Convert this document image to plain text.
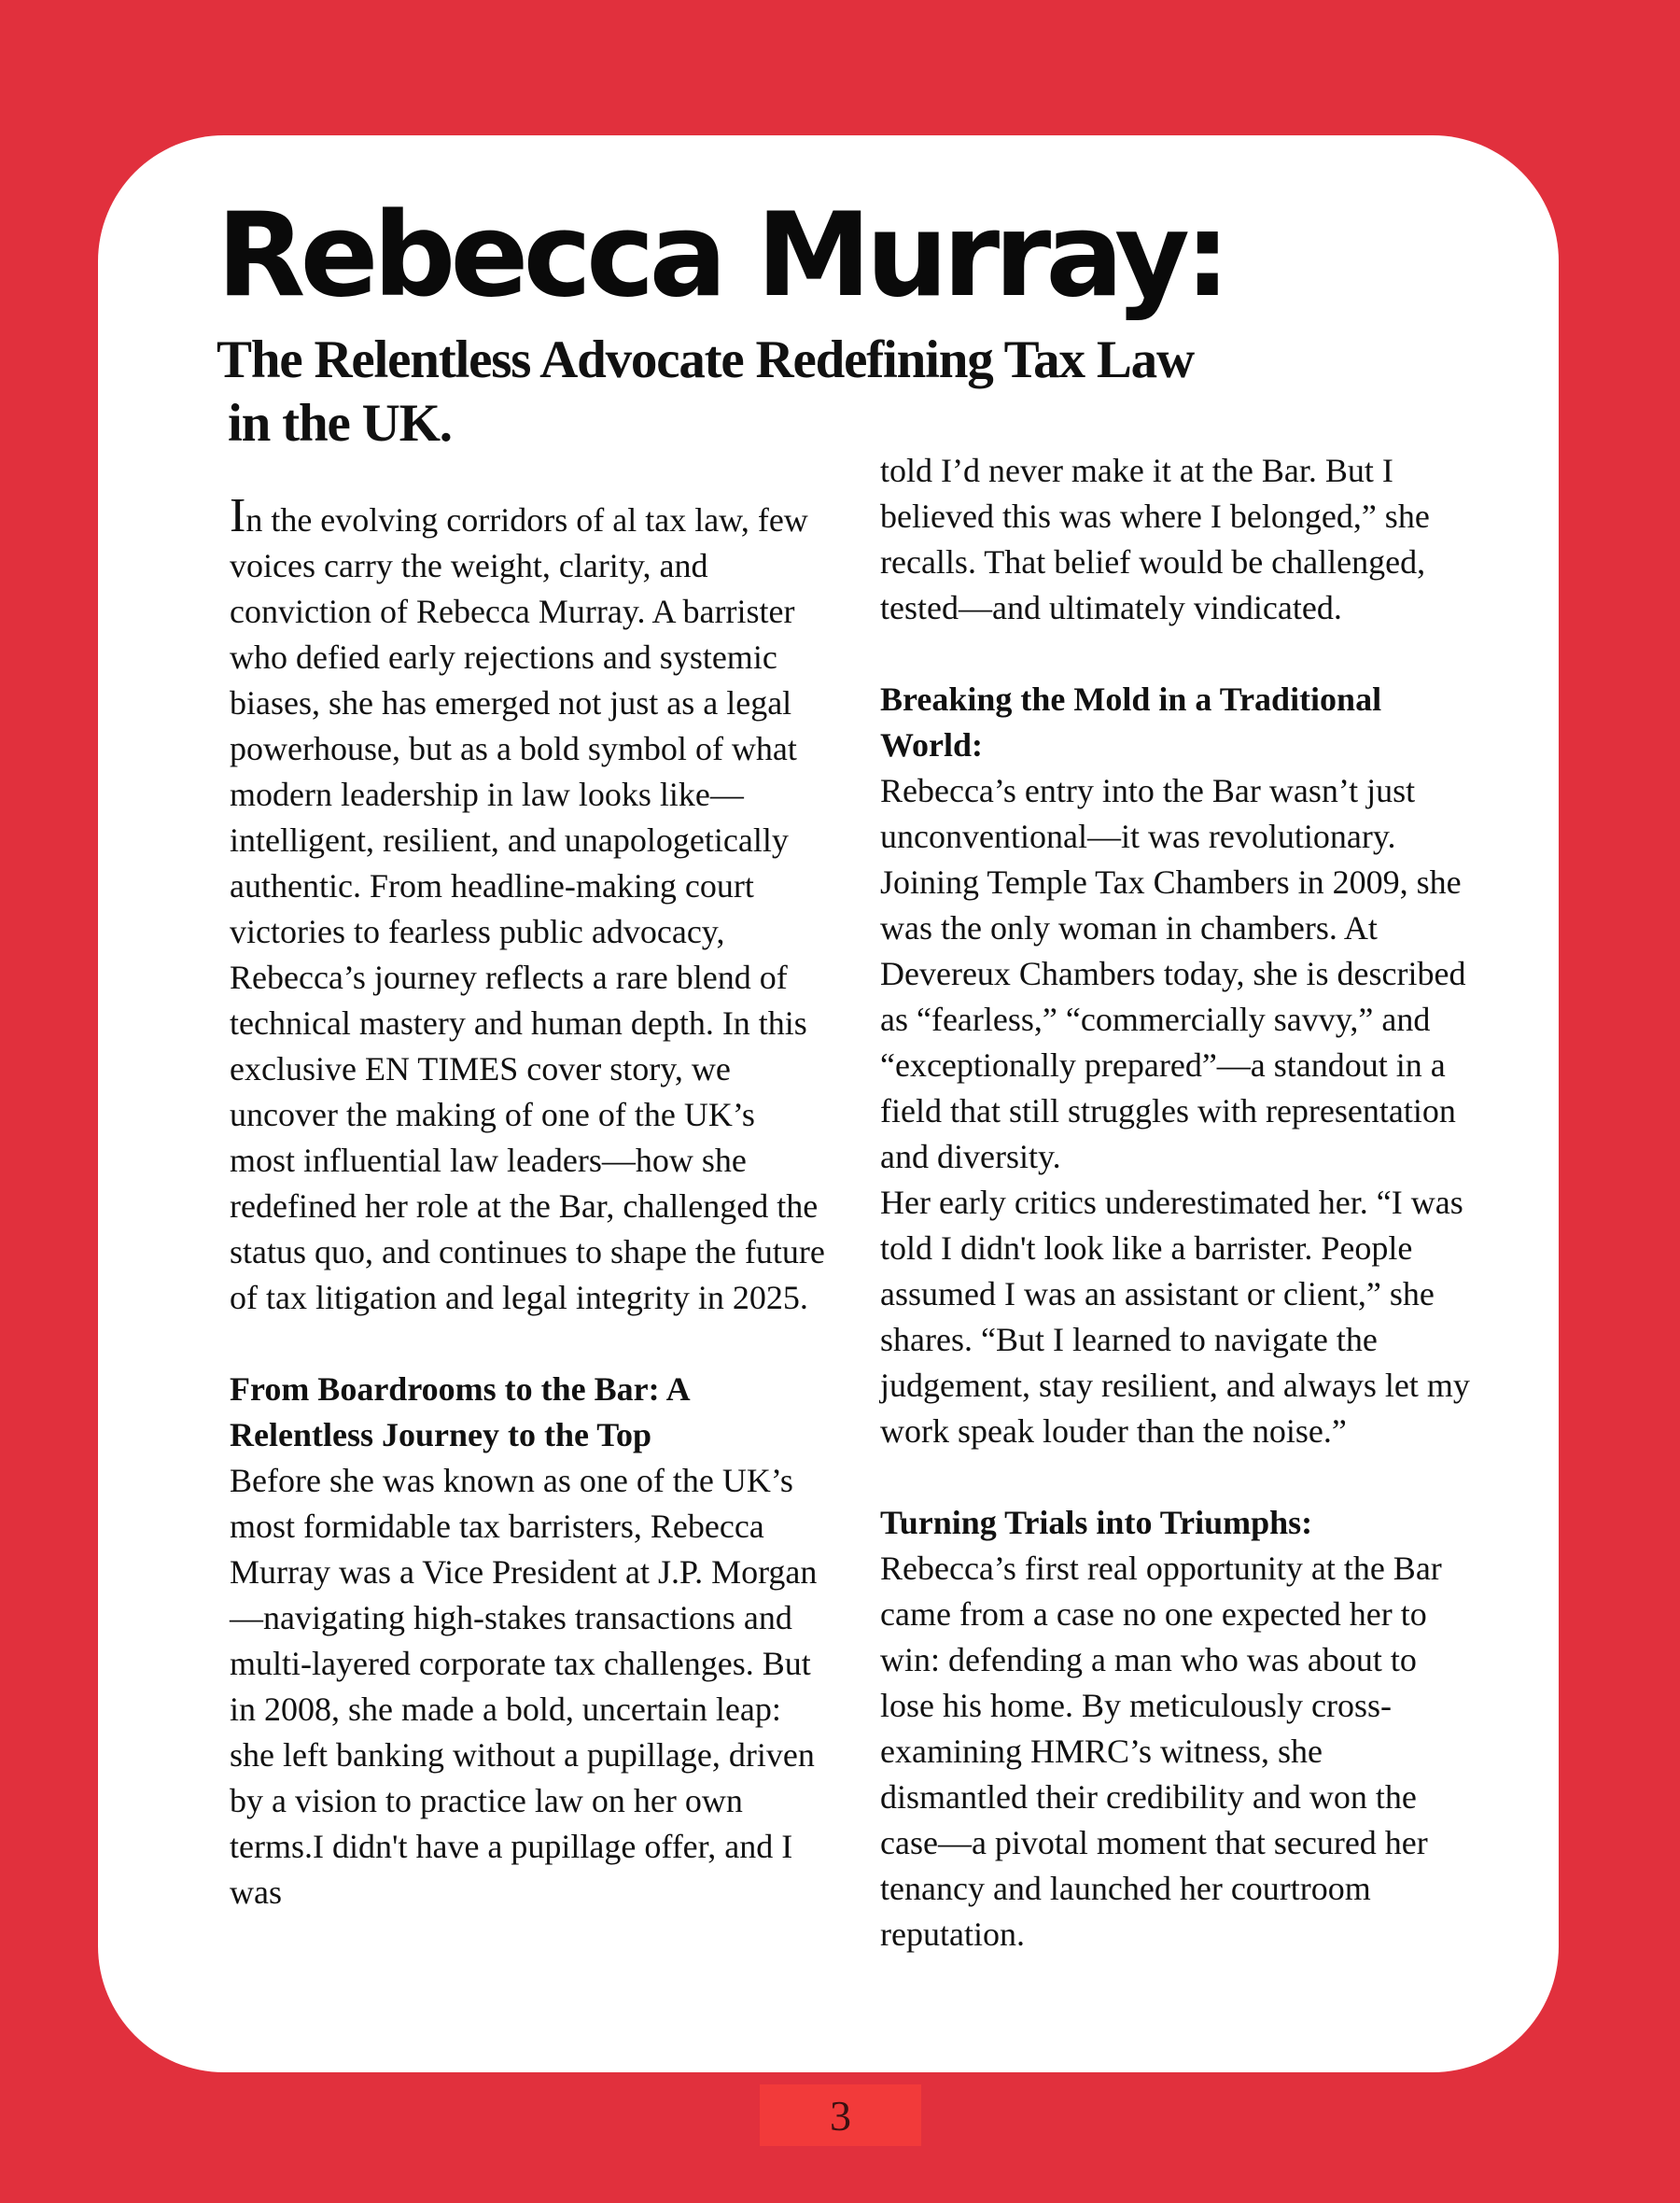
Rebecca Murray:
The Relentless Advocate Redefining Tax Law
in the UK.

In the evolving corridors of al tax law, few voices carry the weight, clarity, and conviction of Rebecca Murray. A barrister who defied early rejections and systemic biases, she has emerged not just as a legal powerhouse, but as a bold symbol of what modern leadership in law looks like—intelligent, resilient, and unapologetically authentic. From headline-making court victories to fearless public advocacy, Rebecca’s journey reflects a rare blend of technical mastery and human depth. In this exclusive EN TIMES cover story, we uncover the making of one of the UK’s most influential law leaders—how she redefined her role at the Bar, challenged the status quo, and continues to shape the future of tax litigation and legal integrity in 2025.

From Boardrooms to the Bar: A Relentless Journey to the Top

Before she was known as one of the UK’s most formidable tax barristers, Rebecca Murray was a Vice President at J.P. Morgan—navigating high-stakes transactions and multi-layered corporate tax challenges. But in 2008, she made a bold, uncertain leap: she left banking without a pupillage, driven by a vision to practice law on her own terms.I didn't have a pupillage offer, and I was

told I’d never make it at the Bar. But I believed this was where I belonged,” she recalls. That belief would be challenged, tested—and ultimately vindicated.

Breaking the Mold in a Traditional World:

Rebecca’s entry into the Bar wasn’t just unconventional—it was revolutionary. Joining Temple Tax Chambers in 2009, she was the only woman in chambers. At Devereux Chambers today, she is described as “fearless,” “commercially savvy,” and “exceptionally prepared”—a standout in a field that still struggles with representation and diversity.

Her early critics underestimated her. “I was told I didn't look like a barrister. People assumed I was an assistant or client,” she shares. “But I learned to navigate the judgement, stay resilient, and always let my work speak louder than the noise.”

Turning Trials into Triumphs:

Rebecca’s first real opportunity at the Bar came from a case no one expected her to win: defending a man who was about to lose his home. By meticulously cross-examining HMRC’s witness, she dismantled their credibility and won the case—a pivotal moment that secured her tenancy and launched her courtroom reputation.

3
